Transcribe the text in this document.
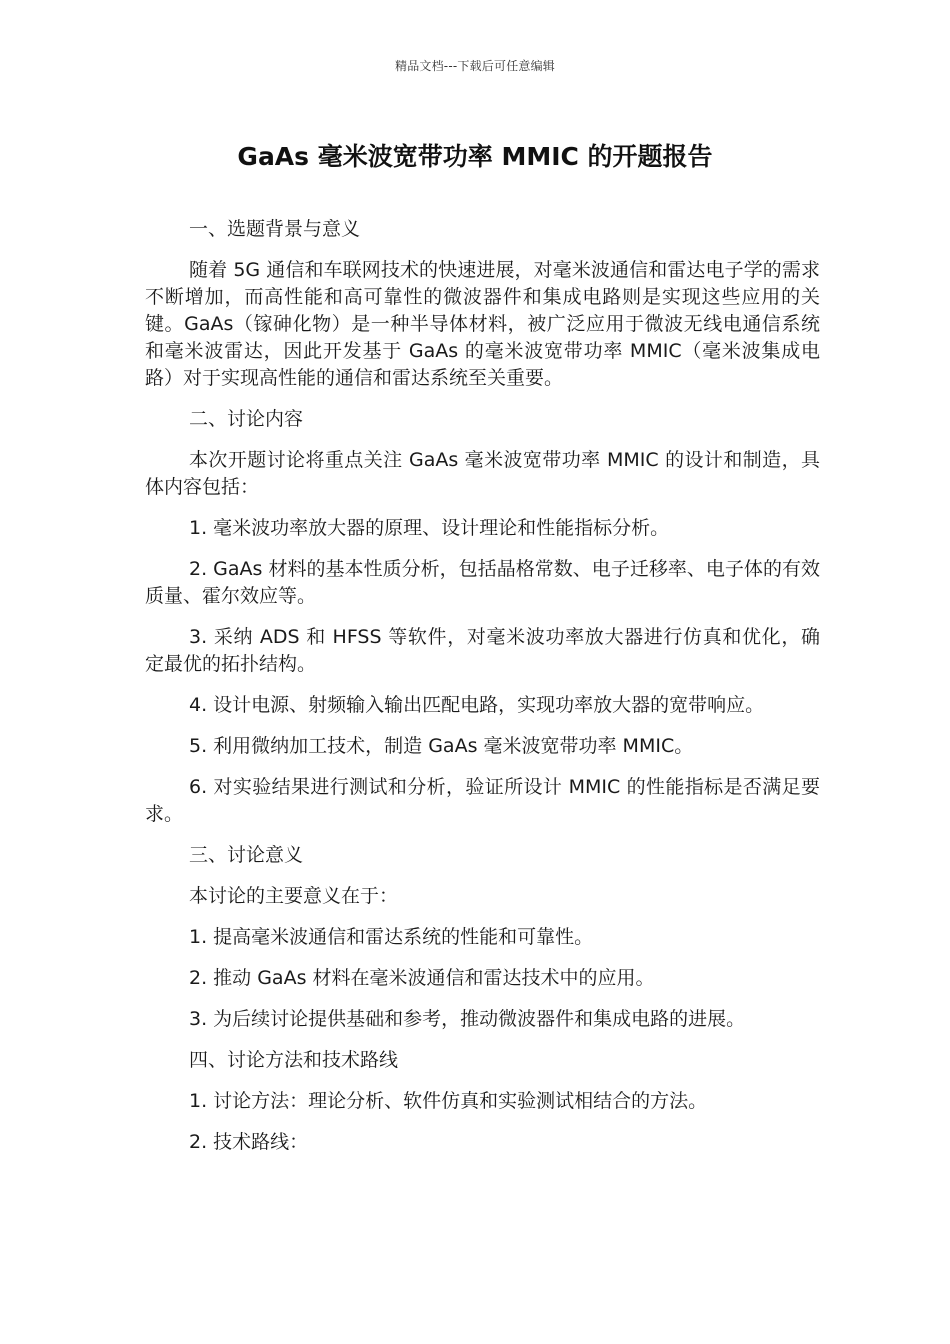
精品文档---下载后可任意编辑
GaAs 毫米波宽带功率 MMIC 的开题报告

一、选题背景与意义

随着 5G 通信和车联网技术的快速进展，对毫米波通信和雷达电子学的需求不断增加，而高性能和高可靠性的微波器件和集成电路则是实现这些应用的关键。GaAs（镓砷化物）是一种半导体材料，被广泛应用于微波无线电通信系统和毫米波雷达，因此开发基于 GaAs 的毫米波宽带功率 MMIC（毫米波集成电路）对于实现高性能的通信和雷达系统至关重要。

二、讨论内容

本次开题讨论将重点关注 GaAs 毫米波宽带功率 MMIC 的设计和制造，具体内容包括：

1. 毫米波功率放大器的原理、设计理论和性能指标分析。

2. GaAs 材料的基本性质分析，包括晶格常数、电子迁移率、电子体的有效质量、霍尔效应等。

3. 采纳 ADS 和 HFSS 等软件，对毫米波功率放大器进行仿真和优化，确定最优的拓扑结构。

4. 设计电源、射频输入输出匹配电路，实现功率放大器的宽带响应。

5. 利用微纳加工技术，制造 GaAs 毫米波宽带功率 MMIC。

6. 对实验结果进行测试和分析，验证所设计 MMIC 的性能指标是否满足要求。

三、讨论意义

本讨论的主要意义在于：

1. 提高毫米波通信和雷达系统的性能和可靠性。

2. 推动 GaAs 材料在毫米波通信和雷达技术中的应用。

3. 为后续讨论提供基础和参考，推动微波器件和集成电路的进展。

四、讨论方法和技术路线

1. 讨论方法：理论分析、软件仿真和实验测试相结合的方法。

2. 技术路线：
